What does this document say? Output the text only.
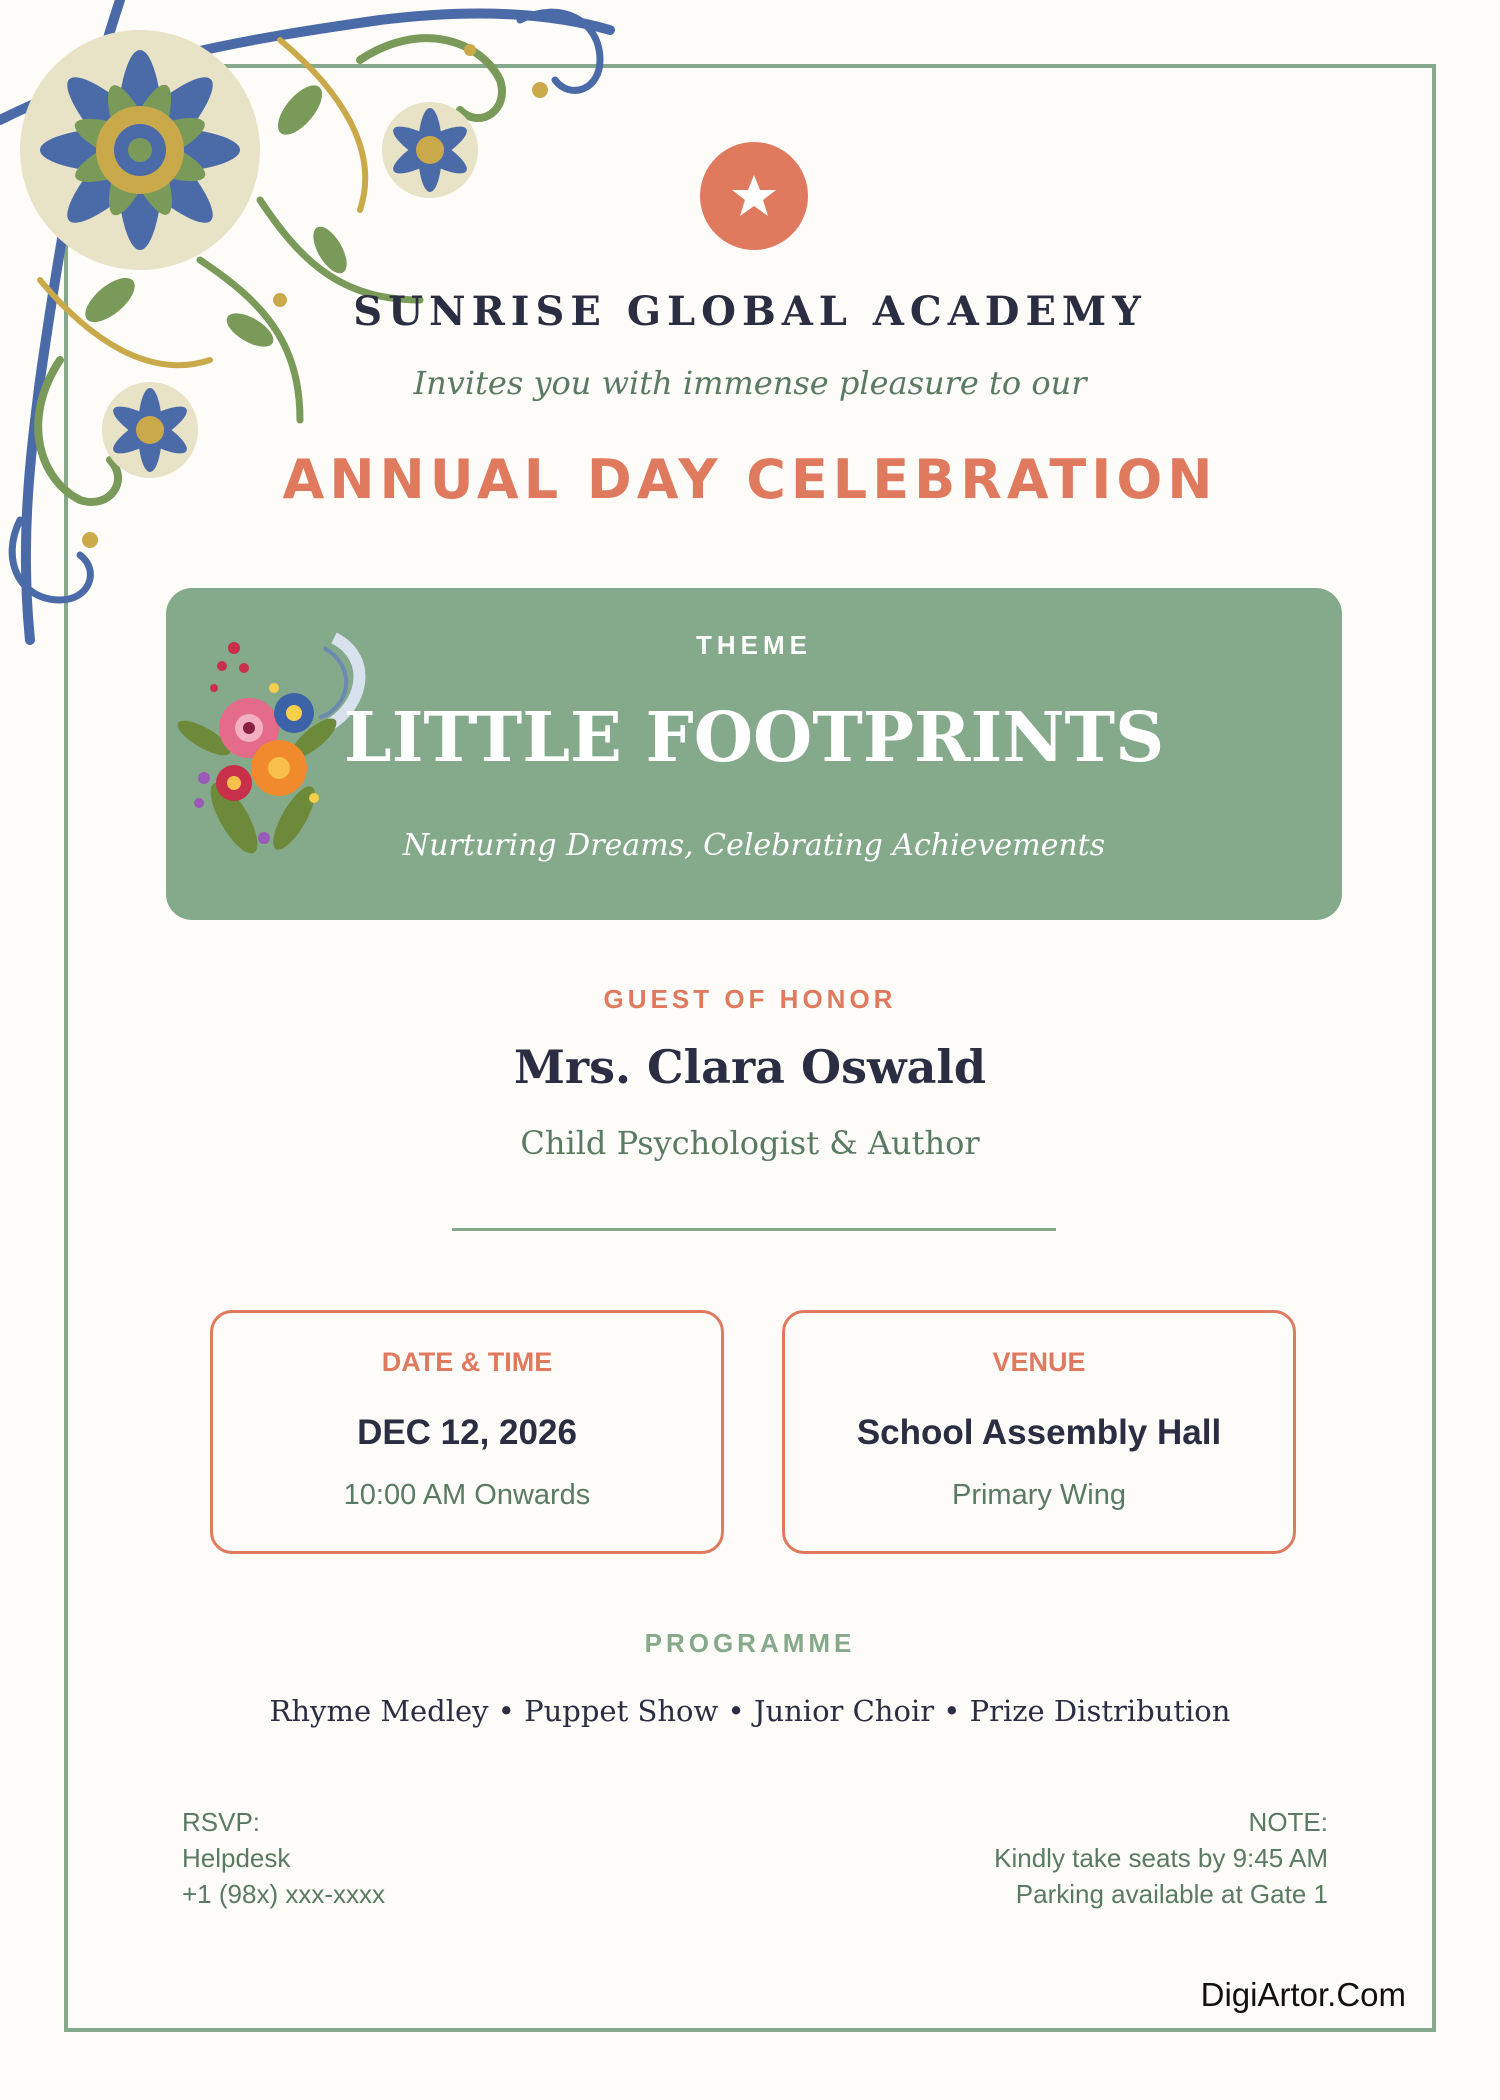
SUNRISE GLOBAL ACADEMY
Invites you with immense pleasure to our
ANNUAL DAY CELEBRATION
THEME
LITTLE FOOTPRINTS
Nurturing Dreams, Celebrating Achievements
GUEST OF HONOR
Mrs. Clara Oswald
Child Psychologist & Author
DATE & TIME
DEC 12, 2026
10:00 AM Onwards
VENUE
School Assembly Hall
Primary Wing
PROGRAMME
Rhyme Medley • Puppet Show • Junior Choir • Prize Distribution
RSVP:
Helpdesk
+1 (98x) xxx-xxxx
NOTE:
Kindly take seats by 9:45 AM
Parking available at Gate 1
DigiArtor.Com
